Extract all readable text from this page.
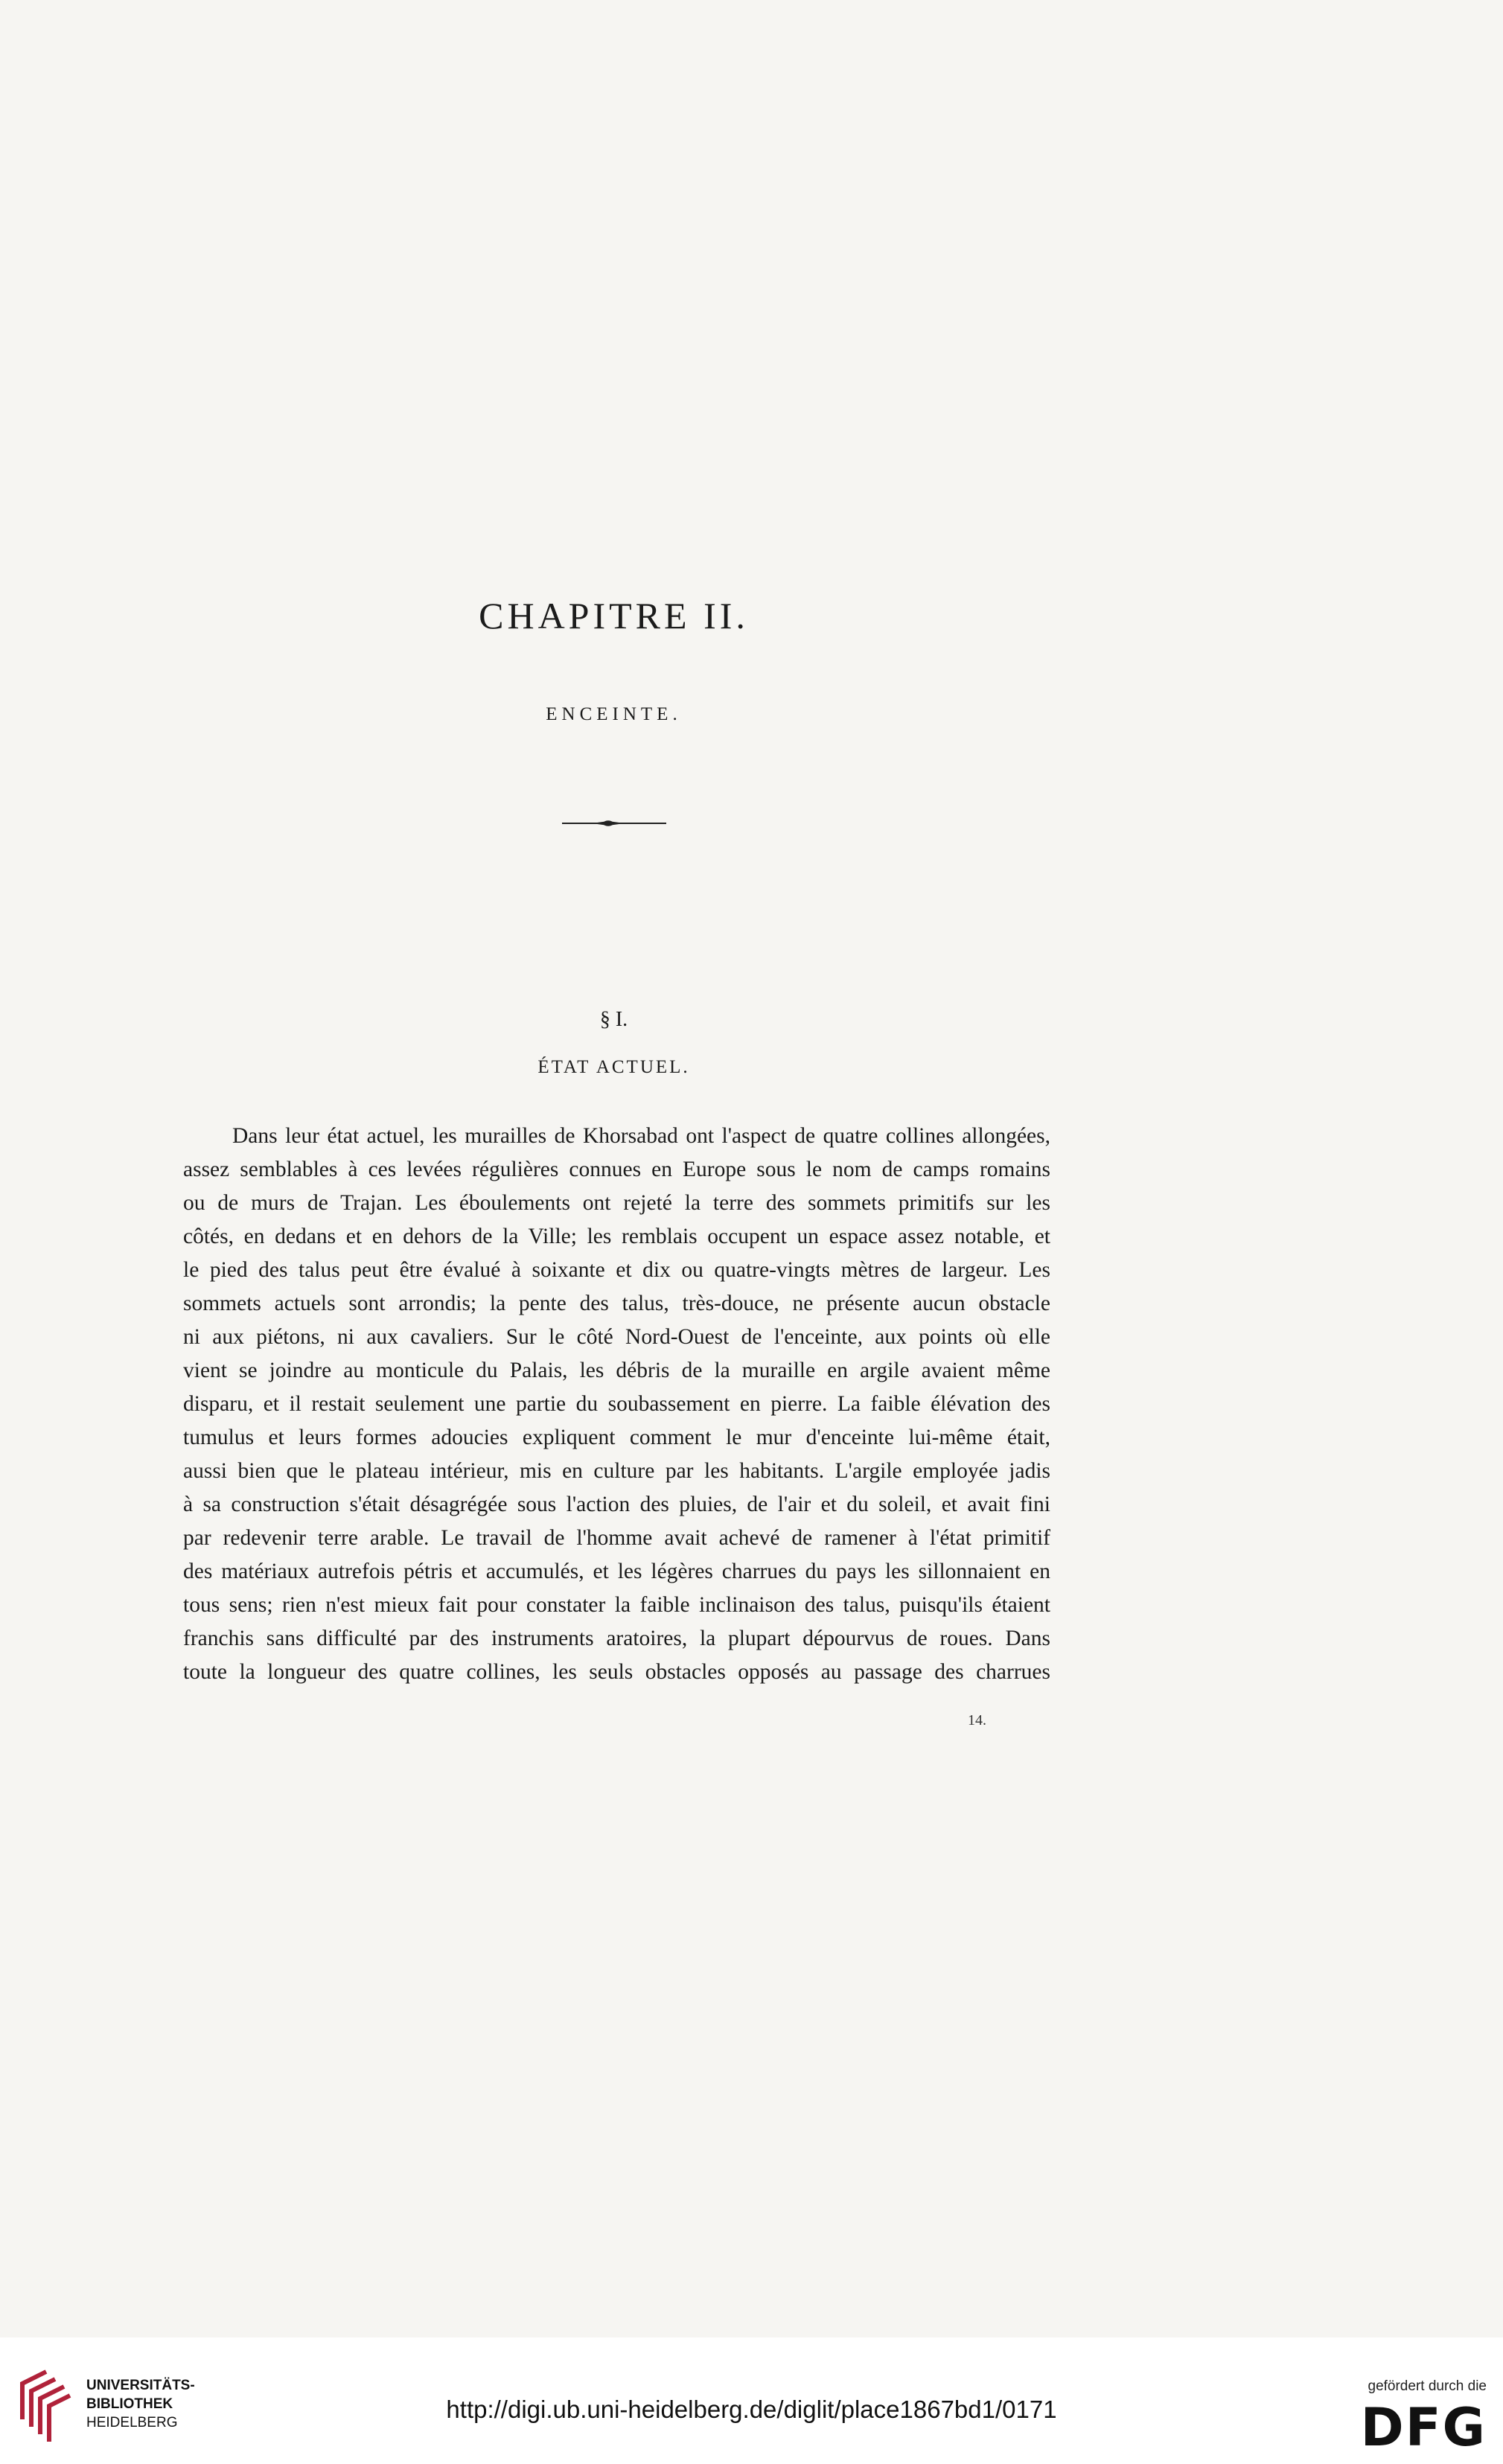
CHAPITRE II.
ENCEINTE.
§ I.
ÉTAT ACTUEL.
Dans leur état actuel, les murailles de Khorsabad ont l'aspect de quatre collines allongées,
assez semblables à ces levées régulières connues en Europe sous le nom de camps romains
ou de murs de Trajan. Les éboulements ont rejeté la terre des sommets primitifs sur les
côtés, en dedans et en dehors de la Ville; les remblais occupent un espace assez notable, et
le pied des talus peut être évalué à soixante et dix ou quatre-vingts mètres de largeur. Les
sommets actuels sont arrondis; la pente des talus, très-douce, ne présente aucun obstacle
ni aux piétons, ni aux cavaliers. Sur le côté Nord-Ouest de l'enceinte, aux points où elle
vient se joindre au monticule du Palais, les débris de la muraille en argile avaient même
disparu, et il restait seulement une partie du soubassement en pierre. La faible élévation des
tumulus et leurs formes adoucies expliquent comment le mur d'enceinte lui-même était,
aussi bien que le plateau intérieur, mis en culture par les habitants. L'argile employée jadis
à sa construction s'était désagrégée sous l'action des pluies, de l'air et du soleil, et avait fini
par redevenir terre arable. Le travail de l'homme avait achevé de ramener à l'état primitif
des matériaux autrefois pétris et accumulés, et les légères charrues du pays les sillonnaient en
tous sens; rien n'est mieux fait pour constater la faible inclinaison des talus, puisqu'ils étaient
franchis sans difficulté par des instruments aratoires, la plupart dépourvus de roues. Dans
toute la longueur des quatre collines, les seuls obstacles opposés au passage des charrues
14.
UNIVERSITÄTS-
BIBLIOTHEK
HEIDELBERG	http://digi.ub.uni-heidelberg.de/diglit/place1867bd1/0171
gefördert durch die
DFG
